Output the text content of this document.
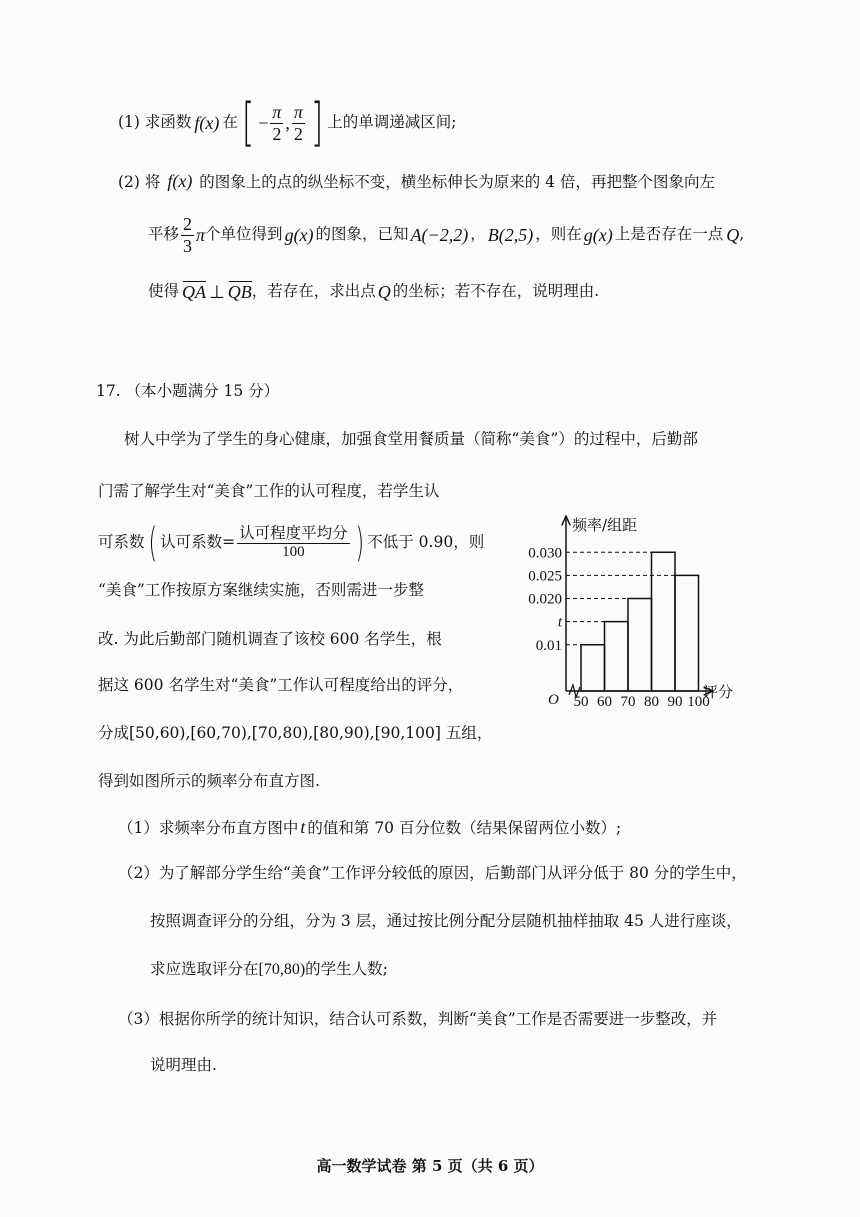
(1) 求函数 f(x) 在 [ − $\frac{\pi}{2}$ , $\frac{\pi}{2}$ ] 上的单调递减区间;
(2) 将 f(x) 的图象上的点的纵坐标不变，横坐标伸长为原来的 4 倍，再把整个图象向左
平移 $\frac{2}{3}$ π 个单位得到 g(x) 的图象，已知 A(−2,2) ， B(2,5) ，则在 g(x) 上是否存在一点 Q ,
使得 QA ⊥ QB ，若存在，求出点 Q 的坐标；若不存在，说明理由.
17. （本小题满分 15 分）
树人中学为了学生的身心健康，加强食堂用餐质量（简称“美食”）的过程中，后勤部
门需了解学生对“美食”工作的认可程度，若学生认
可系数 ( 认可系数= $\frac{\text{认可程度平均分}}{100}$ ) 不低于 0.90，则
“美食”工作按原方案继续实施，否则需进一步整
改. 为此后勤部门随机调查了该校 600 名学生，根
据这 600 名学生对“美食”工作认可程度给出的评分，
分成[50,60),[60,70),[70,80),[80,90),[90,100] 五组，
得到如图所示的频率分布直方图.
（1）求频率分布直方图中 t 的值和第 70 百分位数（结果保留两位小数）;
（2）为了解部分学生给“美食”工作评分较低的原因，后勤部门从评分低于 80 分的学生中，
按照调查评分的分组，分为 3 层，通过按比例分配分层随机抽样抽取 45 人进行座谈，
求应选取评分在[70,80)的学生人数;
（3）根据你所学的统计知识，结合认可系数，判断“美食”工作是否需要进一步整改，并
说明理由.
频率/组距
评分
O
0.01
t
0.020
0.025
0.030
50 60 70 80 90 100
高一数学试卷 第 5 页（共 6 页）
